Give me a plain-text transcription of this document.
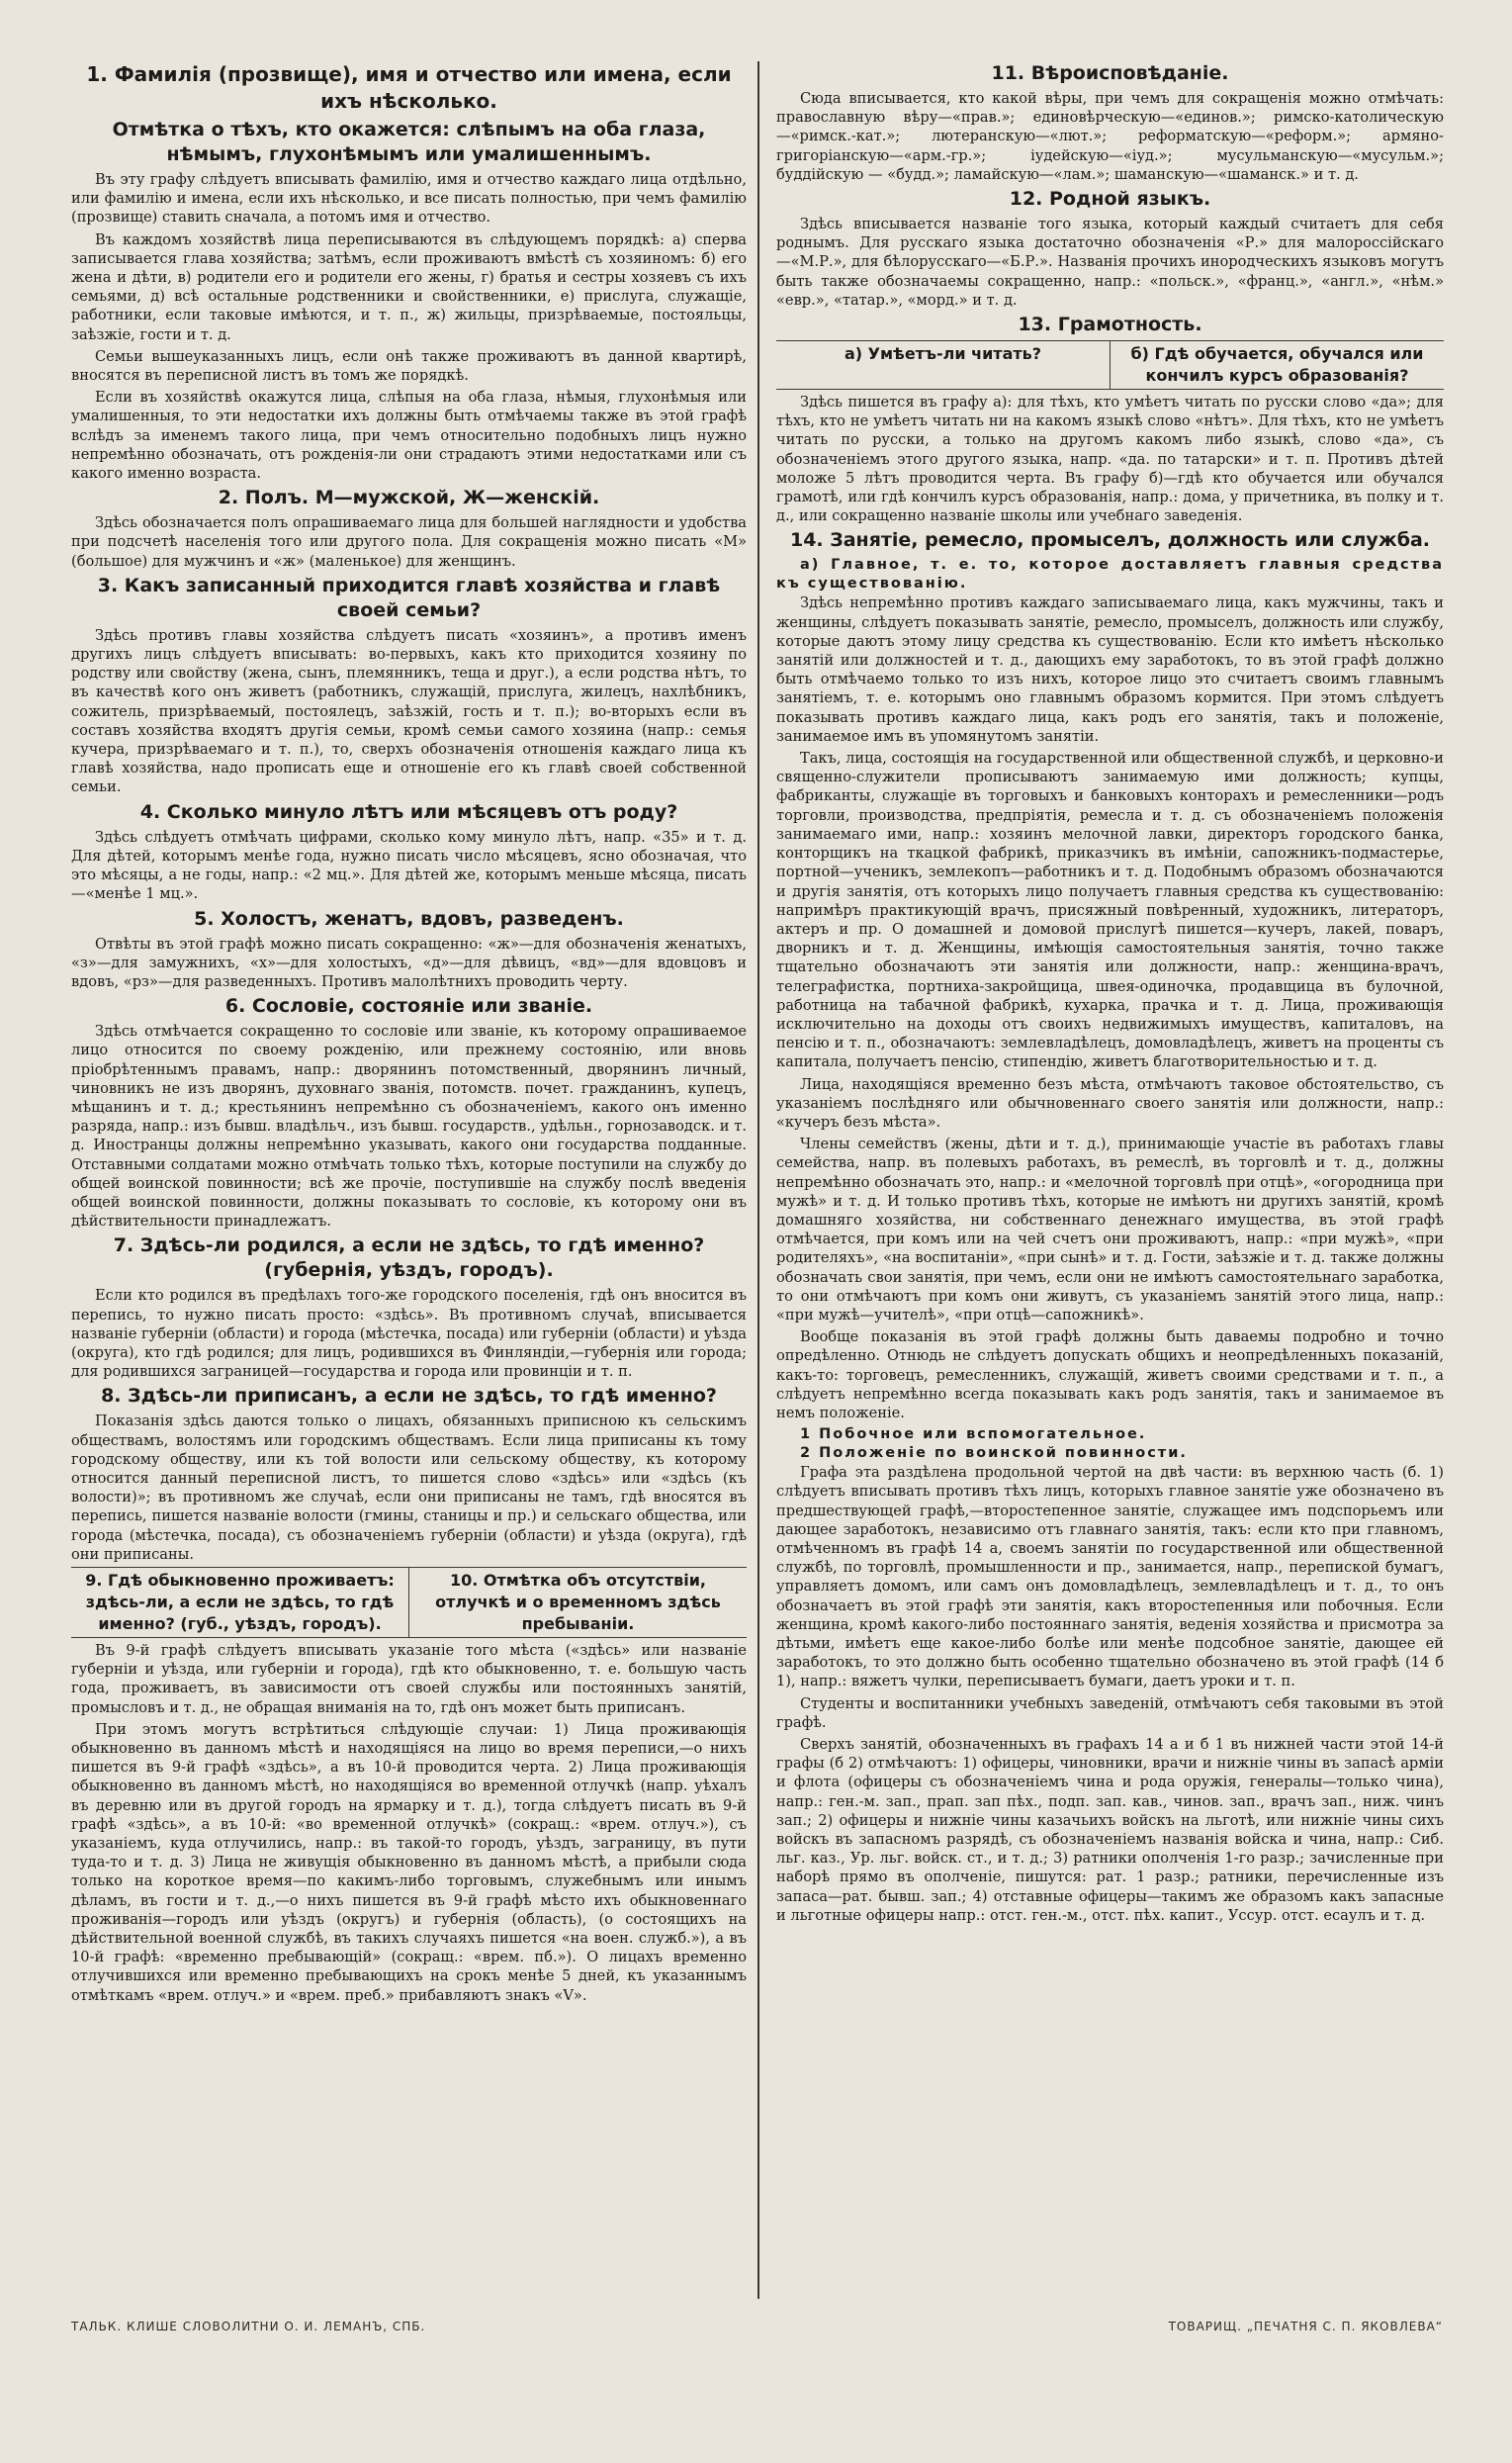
1. Фамилія (прозвище), имя и отчество или имена, если ихъ нѣсколько.
Отмѣтка о тѣхъ, кто окажется: слѣпымъ на оба глаза, нѣмымъ, глухонѣмымъ или умалишеннымъ.

Въ эту графу слѣдуетъ вписывать фамилію, имя и отчество каждаго лица отдѣльно, или фамилію и имена, если ихъ нѣсколько, и все писать полностью, при чемъ фамилію (прозвище) ставить сначала, а потомъ имя и отчество.

Въ каждомъ хозяйствѣ лица переписываются въ слѣдующемъ порядкѣ: а) сперва записывается глава хозяйства; затѣмъ, если проживаютъ вмѣстѣ съ хозяиномъ: б) его жена и дѣти, в) родители его и родители его жены, г) братья и сестры хозяевъ съ ихъ семьями, д) всѣ остальные родственники и свойственники, е) прислуга, служащіе, работники, если таковые имѣются, и т. п., ж) жильцы, призрѣваемые, постояльцы, заѣзжіе, гости и т. д.

Семьи вышеуказанныхъ лицъ, если онѣ также проживаютъ въ данной квартирѣ, вносятся въ переписной листъ въ томъ же порядкѣ.

Если въ хозяйствѣ окажутся лица, слѣпыя на оба глаза, нѣмыя, глухонѣмыя или умалишенныя, то эти недостатки ихъ должны быть отмѣчаемы также въ этой графѣ вслѣдъ за именемъ такого лица, при чемъ относительно подобныхъ лицъ нужно непремѣнно обозначать, отъ рожденія-ли они страдаютъ этими недостатками или съ какого именно возраста.

2. Полъ. М—мужской, Ж—женскій.

Здѣсь обозначается полъ опрашиваемаго лица для большей наглядности и удобства при подсчетѣ населенія того или другого пола. Для сокращенія можно писать «М» (большое) для мужчинъ и «ж» (маленькое) для женщинъ.

3. Какъ записанный приходится главѣ хозяйства и главѣ своей семьи?

Здѣсь противъ главы хозяйства слѣдуетъ писать «хозяинъ», а противъ именъ другихъ лицъ слѣдуетъ вписывать: во-первыхъ, какъ кто приходится хозяину по родству или свойству (жена, сынъ, племянникъ, теща и друг.), а если родства нѣтъ, то въ качествѣ кого онъ живетъ (работникъ, служащій, прислуга, жилецъ, нахлѣбникъ, сожитель, призрѣваемый, постоялецъ, заѣзжій, гость и т. п.); во-вторыхъ если въ составъ хозяйства входятъ другія семьи, кромѣ семьи самого хозяина (напр.: семья кучера, призрѣваемаго и т. п.), то, сверхъ обозначенія отношенія каждаго лица къ главѣ хозяйства, надо прописать еще и отношеніе его къ главѣ своей собственной семьи.

4. Сколько минуло лѣтъ или мѣсяцевъ отъ роду?

Здѣсь слѣдуетъ отмѣчать цифрами, сколько кому минуло лѣтъ, напр. «35» и т. д. Для дѣтей, которымъ менѣе года, нужно писать число мѣсяцевъ, ясно обозначая, что это мѣсяцы, а не годы, напр.: «2 мц.». Для дѣтей же, которымъ меньше мѣсяца, писать—«менѣе 1 мц.».

5. Холостъ, женатъ, вдовъ, разведенъ.

Отвѣты въ этой графѣ можно писать сокращенно: «ж»—для обозначенія женатыхъ, «з»—для замужнихъ, «х»—для холостыхъ, «д»—для дѣвицъ, «вд»—для вдовцовъ и вдовъ, «рз»—для разведенныхъ. Противъ малолѣтнихъ проводить черту.

6. Сословіе, состояніе или званіе.

Здѣсь отмѣчается сокращенно то сословіе или званіе, къ которому опрашиваемое лицо относится по своему рожденію, или прежнему состоянію, или вновь пріобрѣтеннымъ правамъ, напр.: дворянинъ потомственный, дворянинъ личный, чиновникъ не изъ дворянъ, духовнаго званія, потомств. почет. гражданинъ, купецъ, мѣщанинъ и т. д.; крестьянинъ непремѣнно съ обозначеніемъ, какого онъ именно разряда, напр.: изъ бывш. владѣльч., изъ бывш. государств., удѣльн., горнозаводск. и т. д. Иностранцы должны непремѣнно указывать, какого они государства подданные. Отставными солдатами можно отмѣчать только тѣхъ, которые поступили на службу до общей воинской повинности; всѣ же прочіе, поступившіе на службу послѣ введенія общей воинской повинности, должны показывать то сословіе, къ которому они въ дѣйствительности принадлежатъ.

7. Здѣсь-ли родился, а если не здѣсь, то гдѣ именно? (губернія, уѣздъ, городъ).

Если кто родился въ предѣлахъ того-же городского поселенія, гдѣ онъ вносится въ перепись, то нужно писать просто: «здѣсь». Въ противномъ случаѣ, вписывается названіе губерніи (области) и города (мѣстечка, посада) или губерніи (области) и уѣзда (округа), кто гдѣ родился; для лицъ, родившихся въ Финляндіи,—губернія или города; для родившихся заграницей—государства и города или провинціи и т. п.

8. Здѣсь-ли приписанъ, а если не здѣсь, то гдѣ именно?

Показанія здѣсь даются только о лицахъ, обязанныхъ приписною къ сельскимъ обществамъ, волостямъ или городскимъ обществамъ. Если лица приписаны къ тому городскому обществу, или къ той волости или сельскому обществу, къ которому относится данный переписной листъ, то пишется слово «здѣсь» или «здѣсь (къ волости)»; въ противномъ же случаѣ, если они приписаны не тамъ, гдѣ вносятся въ перепись, пишется названіе волости (гмины, станицы и пр.) и сельскаго общества, или города (мѣстечка, посада), съ обозначеніемъ губерніи (области) и уѣзда (округа), гдѣ они приписаны.

9. Гдѣ обыкновенно проживаетъ: здѣсь-ли, а если не здѣсь, то гдѣ именно? (губ., уѣздъ, городъ).
10. Отмѣтка объ отсутствіи, отлучкѣ и о временномъ здѣсь пребываніи.

Въ 9-й графѣ слѣдуетъ вписывать указаніе того мѣста («здѣсь» или названіе губерніи и уѣзда, или губерніи и города), гдѣ кто обыкновенно, т. е. большую часть года, проживаетъ, въ зависимости отъ своей службы или постоянныхъ занятій, промысловъ и т. д., не обращая вниманія на то, гдѣ онъ может быть приписанъ.

При этомъ могутъ встрѣтиться слѣдующіе случаи: 1) Лица проживающія обыкновенно въ данномъ мѣстѣ и находящіяся на лицо во время переписи,—о нихъ пишется въ 9-й графѣ «здѣсь», а въ 10-й проводится черта. 2) Лица проживающія обыкновенно въ данномъ мѣстѣ, но находящіяся во временной отлучкѣ (напр. уѣхалъ въ деревню или въ другой городъ на ярмарку и т. д.), тогда слѣдуетъ писать въ 9-й графѣ «здѣсь», а въ 10-й: «во временной отлучкѣ» (сокращ.: «врем. отлуч.»), съ указаніемъ, куда отлучились, напр.: въ такой-то городъ, уѣздъ, заграницу, въ пути туда-то и т. д. 3) Лица не живущія обыкновенно въ данномъ мѣстѣ, а прибыли сюда только на короткое время—по какимъ-либо торговымъ, служебнымъ или инымъ дѣламъ, въ гости и т. д.,—о нихъ пишется въ 9-й графѣ мѣсто ихъ обыкновеннаго проживанія—городъ или уѣздъ (округъ) и губернія (область), (о состоящихъ на дѣйствительной военной службѣ, въ такихъ случаяхъ пишется «на воен. служб.»), а въ 10-й графѣ: «временно пребывающій» (сокращ.: «врем. пб.»). О лицахъ временно отлучившихся или временно пребывающихъ на срокъ менѣе 5 дней, къ указаннымъ отмѣткамъ «врем. отлуч.» и «врем. преб.» прибавляютъ знакъ «V».

11. Вѣроисповѣданіе.

Сюда вписывается, кто какой вѣры, при чемъ для сокращенія можно отмѣчать: православную вѣру—«прав.»; единовѣрческую—«единов.»; римско-католическую—«римск.-кат.»; лютеранскую—«лют.»; реформатскую—«реформ.»; армяно-григоріанскую—«арм.-гр.»; іудейскую—«іуд.»; мусульманскую—«мусульм.»; буддійскую — «будд.»; ламайскую—«лам.»; шаманскую—«шаманск.» и т. д.

12. Родной языкъ.

Здѣсь вписывается названіе того языка, который каждый считаетъ для себя роднымъ. Для русскаго языка достаточно обозначенія «Р.» для малороссійскаго—«М.Р.», для бѣлорусскаго—«Б.Р.». Названія прочихъ инородческихъ языковъ могутъ быть также обозначаемы сокращенно, напр.: «польск.», «франц.», «англ.», «нѣм.» «евр.», «татар.», «морд.» и т. д.

13. Грамотность.
а) Умѣетъ-ли читать?	б) Гдѣ обучается, обучался или кончилъ курсъ образованія?

Здѣсь пишется въ графу а): для тѣхъ, кто умѣетъ читать по русски слово «да»; для тѣхъ, кто не умѣетъ читать ни на какомъ языкѣ слово «нѣтъ». Для тѣхъ, кто не умѣетъ читать по русски, а только на другомъ какомъ либо языкѣ, слово «да», съ обозначеніемъ этого другого языка, напр. «да. по татарски» и т. п. Противъ дѣтей моложе 5 лѣтъ проводится черта. Въ графу б)—гдѣ кто обучается или обучался грамотѣ, или гдѣ кончилъ курсъ образованія, напр.: дома, у причетника, въ полку и т. д., или сокращенно названіе школы или учебнаго заведенія.

14. Занятіе, ремесло, промыселъ, должность или служба.

а) Главное, т. е. то, которое доставляетъ главныя средства къ существованію.

Здѣсь непремѣнно противъ каждаго записываемаго лица, какъ мужчины, такъ и женщины, слѣдуетъ показывать занятіе, ремесло, промыселъ, должность или службу, которые даютъ этому лицу средства къ существованію. Если кто имѣетъ нѣсколько занятій или должностей и т. д., дающихъ ему заработокъ, то въ этой графѣ должно быть отмѣчаемо только то изъ нихъ, которое лицо это считаетъ своимъ главнымъ занятіемъ, т. е. которымъ оно главнымъ образомъ кормится. При этомъ слѣдуетъ показывать противъ каждаго лица, какъ родъ его занятія, такъ и положеніе, занимаемое имъ въ упомянутомъ занятіи.

Такъ, лица, состоящія на государственной или общественной службѣ, и церковно-и священно-служители прописываютъ занимаемую ими должность; купцы, фабриканты, служащіе въ торговыхъ и банковыхъ конторахъ и ремесленники—родъ торговли, производства, предпріятія, ремесла и т. д. съ обозначеніемъ положенія занимаемаго ими, напр.: хозяинъ мелочной лавки, директоръ городского банка, конторщикъ на ткацкой фабрикѣ, приказчикъ въ имѣніи, сапожникъ-подмастерье, портной—ученикъ, землекопъ—работникъ и т. д. Подобнымъ образомъ обозначаются и другія занятія, отъ которыхъ лицо получаетъ главныя средства къ существованію: напримѣръ практикующій врачъ, присяжный повѣренный, художникъ, литераторъ, актеръ и пр. О домашней и домовой прислугѣ пишется—кучеръ, лакей, поваръ, дворникъ и т. д. Женщины, имѣющія самостоятельныя занятія, точно также тщательно обозначаютъ эти занятія или должности, напр.: женщина-врачъ, телеграфистка, портниха-закройщица, швея-одиночка, продавщица въ булочной, работница на табачной фабрикѣ, кухарка, прачка и т. д. Лица, проживающія исключительно на доходы отъ своихъ недвижимыхъ имуществъ, капиталовъ, на пенсію и т. п., обозначаютъ: землевладѣлецъ, домовладѣлецъ, живетъ на проценты съ капитала, получаетъ пенсію, стипендію, живетъ благотворительностью и т. д.

Лица, находящіяся временно безъ мѣста, отмѣчаютъ таковое обстоятельство, съ указаніемъ послѣдняго или обычновеннаго своего занятія или должности, напр.: «кучеръ безъ мѣста».

Члены семействъ (жены, дѣти и т. д.), принимающіе участіе въ работахъ главы семейства, напр. въ полевыхъ работахъ, въ ремеслѣ, въ торговлѣ и т. д., должны непремѣнно обозначать это, напр.: и «мелочной торговлѣ при отцѣ», «огородница при мужѣ» и т. д. И только противъ тѣхъ, которые не имѣютъ ни другихъ занятій, кромѣ домашняго хозяйства, ни собственнаго денежнаго имущества, въ этой графѣ отмѣчается, при комъ или на чей счетъ они проживаютъ, напр.: «при мужѣ», «при родителяхъ», «на воспитаніи», «при сынѣ» и т. д. Гости, заѣзжіе и т. д. также должны обозначать свои занятія, при чемъ, если они не имѣютъ самостоятельнаго заработка, то они отмѣчаютъ при комъ они живутъ, съ указаніемъ занятій этого лица, напр.: «при мужѣ—учителѣ», «при отцѣ—сапожникѣ».

Вообще показанія въ этой графѣ должны быть даваемы подробно и точно опредѣленно. Отнюдь не слѣдуетъ допускать общихъ и неопредѣленныхъ показаній, какъ-то: торговецъ, ремесленникъ, служащій, живетъ своими средствами и т. п., а слѣдуетъ непремѣнно всегда показывать какъ родъ занятія, такъ и занимаемое въ немъ положеніе.

1 Побочное или вспомогательное.

2 Положеніе по воинской повинности.

Графа эта раздѣлена продольной чертой на двѣ части: въ верхнюю часть (б. 1) слѣдуетъ вписывать противъ тѣхъ лицъ, которыхъ главное занятіе уже обозначено въ предшествующей графѣ,—второстепенное занятіе, служащее имъ подспорьемъ или дающее заработокъ, независимо отъ главнаго занятія, такъ: если кто при главномъ, отмѣченномъ въ графѣ 14 а, своемъ занятіи по государственной или общественной службѣ, по торговлѣ, промышленности и пр., занимается, напр., перепиской бумагъ, управляетъ домомъ, или самъ онъ домовладѣлецъ, землевладѣлецъ и т. д., то онъ обозначаетъ въ этой графѣ эти занятія, какъ второстепенныя или побочныя. Если женщина, кромѣ какого-либо постояннаго занятія, веденія хозяйства и присмотра за дѣтьми, имѣетъ еще какое-либо болѣе или менѣе подсобное занятіе, дающее ей заработокъ, то это должно быть особенно тщательно обозначено въ этой графѣ (14 б 1), напр.: вяжетъ чулки, переписываетъ бумаги, даетъ уроки и т. п.

Студенты и воспитанники учебныхъ заведеній, отмѣчаютъ себя таковыми въ этой графѣ.

Сверхъ занятій, обозначенныхъ въ графахъ 14 а и б 1 въ нижней части этой 14-й графы (б 2) отмѣчаютъ: 1) офицеры, чиновники, врачи и нижніе чины въ запасѣ арміи и флота (офицеры съ обозначеніемъ чина и рода оружія, генералы—только чина), напр.: ген.-м. зап., прап. зап пѣх., подп. зап. кав., чинов. зап., врачъ зап., ниж. чинъ зап.; 2) офицеры и нижніе чины казачьихъ войскъ на льготѣ, или нижніе чины сихъ войскъ въ запасномъ разрядѣ, съ обозначеніемъ названія войска и чина, напр.: Сиб. льг. каз., Ур. льг. войск. ст., и т. д.; 3) ратники ополченія 1-го разр.; зачисленные при наборѣ прямо въ ополченіе, пишутся: рат. 1 разр.; ратники, перечисленные изъ запаса—рат. бывш. зап.; 4) отставные офицеры—такимъ же образомъ какъ запасные и льготные офицеры напр.: отст. ген.-м., отст. пѣх. капит., Уссур. отст. есаулъ и т. д.

ТАЛЬК. КЛИШЕ СЛОВОЛИТНИ О. И. ЛЕМАНЪ, СПБ.	ТОВАРИЩ. „ПЕЧАТНЯ С. П. ЯКОВЛЕВА“
